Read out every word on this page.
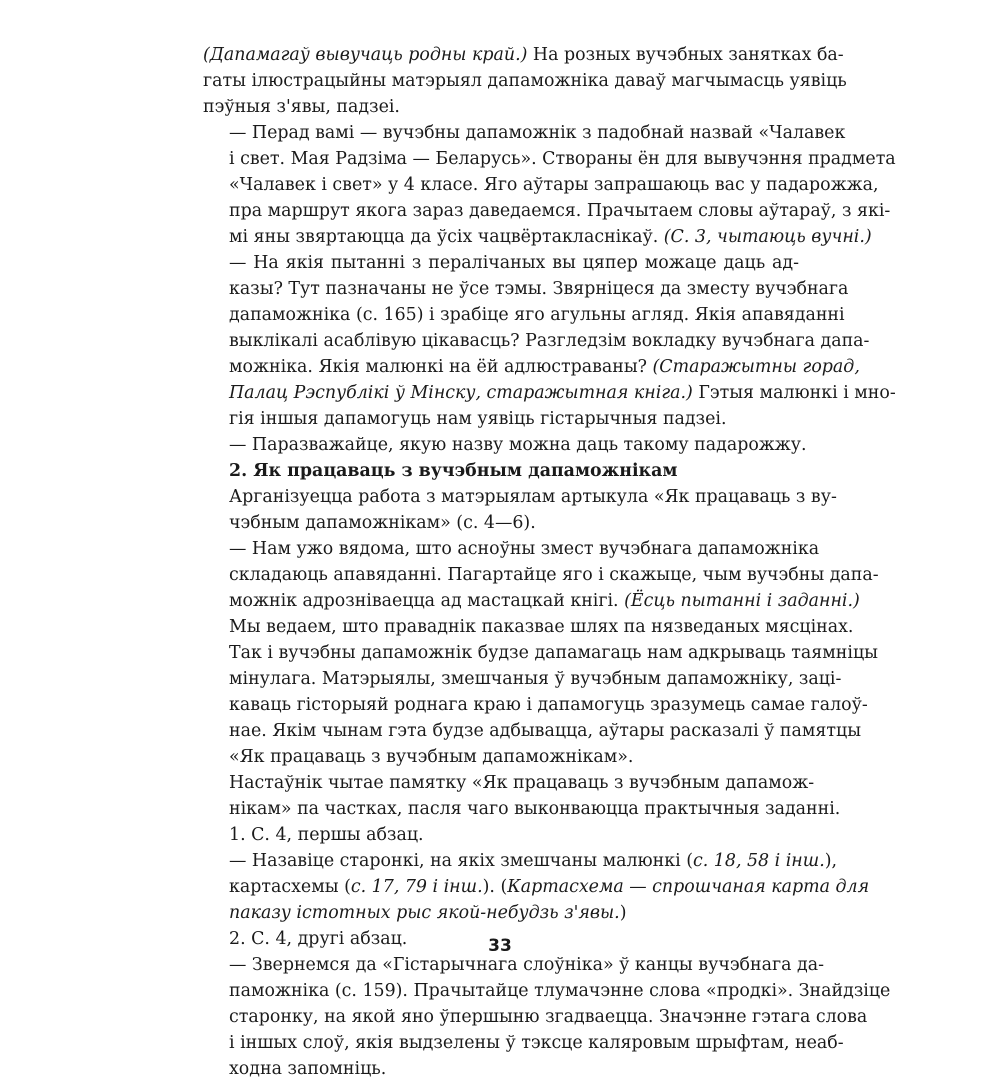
(Дапамагаў вывучаць родны край.) На розных вучэбных занятках ба-
гаты ілюстрацыйны матэрыял дапаможніка даваў магчымасць уявіць
пэўныя з'явы, падзеі.

— Перад вамі — вучэбны дапаможнік з падобнай назвай «Чалавек
і свет. Мая Радзіма — Беларусь». Створаны ён для вывучэння прадмета
«Чалавек і свет» у 4 класе. Яго аўтары запрашаюць вас у падарожжа,
пра маршрут якога зараз даведаемся. Прачытаем словы аўтараў, з які-
мі яны звяртаюцца да ўсіх чацвёртакласнікаў. (С. 3, чытаюць вучні.)

— На якія пытанні з пералічаных вы цяпер можаце даць ад-
казы? Тут пазначаны не ўсе тэмы. Звярніцеся да зместу вучэбнага
дапаможніка (с. 165) і зрабіце яго агульны агляд. Якія апавяданні
выклікалі асаблівую цікавасць? Разгледзім вокладку вучэбнага дапа-
можніка. Якія малюнкі на ёй адлюстраваны? (Старажытны горад,
Палац Рэспублікі ў Мінску, старажытная кніга.) Гэтыя малюнкі і мно-
гія іншыя дапамогуць нам уявіць гістарычныя падзеі.

— Паразважайце, якую назву можна даць такому падарожжу.

2. Як працаваць з вучэбным дапаможнікам

Арганізуецца работа з матэрыялам артыкула «Як працаваць з ву-
чэбным дапаможнікам» (с. 4—6).

— Нам ужо вядома, што асноўны змест вучэбнага дапаможніка
складаюць апавяданні. Пагартайце яго і скажыце, чым вучэбны дапа-
можнік адрозніваецца ад мастацкай кнігі. (Ёсць пытанні і заданні.)
Мы ведаем, што праваднік паказвае шлях па нязведаных мясцінах.
Так і вучэбны дапаможнік будзе дапамагаць нам адкрываць таямніцы
мінулага. Матэрыялы, змешчаныя ў вучэбным дапаможніку, зацi-
каваць гісторыяй роднага краю і дапамогуць зразумець самае галоў-
нае. Якім чынам гэта будзе адбывацца, аўтары расказалі ў памятцы
«Як працаваць з вучэбным дапаможнікам».

Настаўнік чытае памятку «Як працаваць з вучэбным дапамож-
нікам» па частках, пасля чаго выконваюцца практычныя заданні.

1. С. 4, першы абзац.

— Назавіце старонкі, на якіх змешчаны малюнкі (с. 18, 58 і інш.),
картасхемы (с. 17, 79 і інш.). (Картасхема — спрошчаная карта для
паказу істотных рыс якой-небудзь з'явы.)

2. С. 4, другі абзац.

— Звернемся да «Гістарычнага слоўніка» ў канцы вучэбнага да-
паможніка (с. 159). Прачытайце тлумачэнне слова «продкі». Знайдзіце
старонку, на якой яно ўпершыню згадваецца. Значэнне гэтага слова
і іншых слоў, якія выдзелены ў тэксце каляровым шрыфтам, неаб-
ходна запомніць.

33
